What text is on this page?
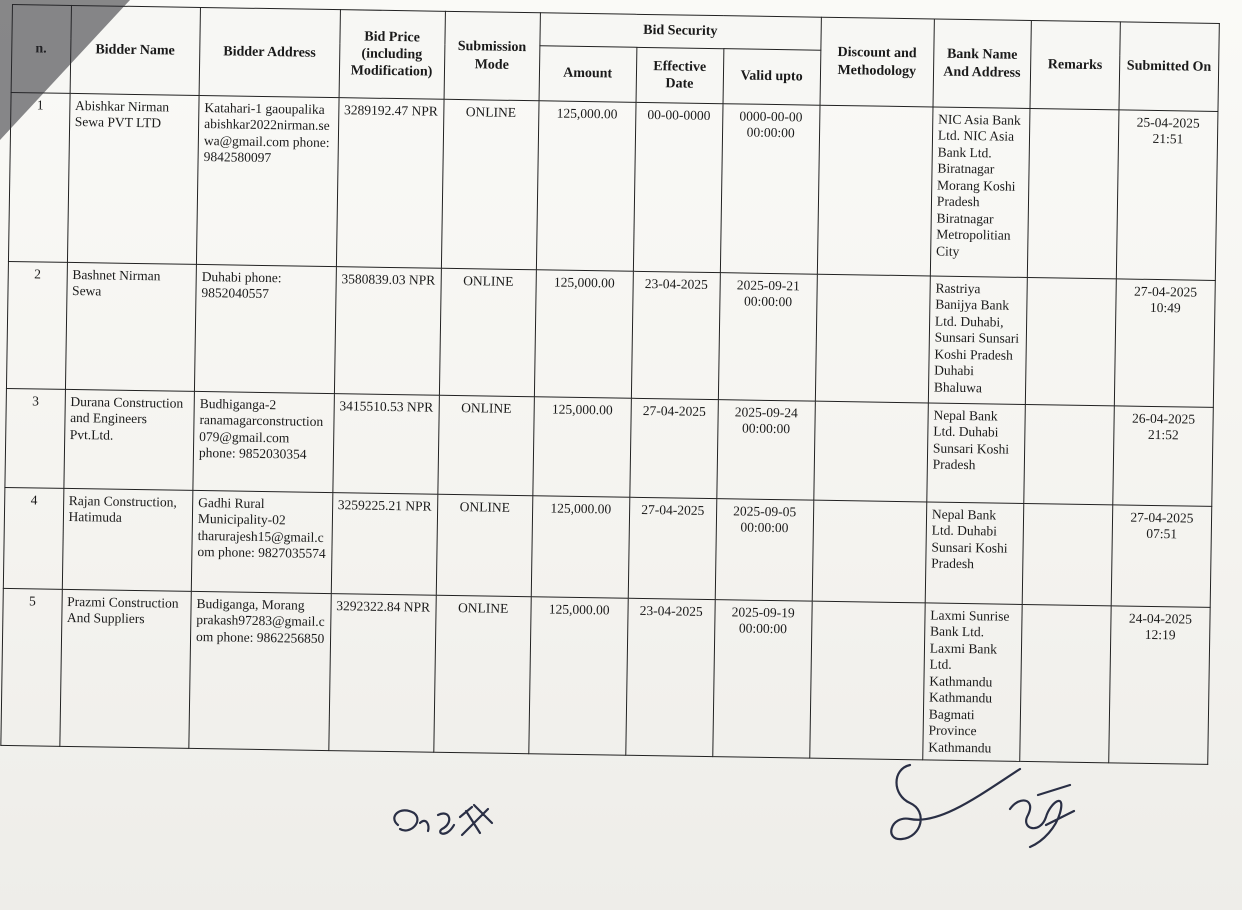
n.	Bidder Name	Bidder Address	Bid Price (including Modification)	Submission Mode	Bid Security			Discount and Methodology	Bank Name And Address	Remarks	Submitted On
					Amount	Effective Date	Valid upto				
1	Abishkar Nirman Sewa PVT LTD	Katahari-1 gaoupalika abishkar2022nirman.sewa@gmail.com phone: 9842580097	3289192.47 NPR	ONLINE	125,000.00	00-00-0000	0000-00-00 00:00:00		NIC Asia Bank Ltd. NIC Asia Bank Ltd. Biratnagar Morang Koshi Pradesh Biratnagar Metropolitian City		25-04-2025 21:51
2	Bashnet Nirman Sewa	Duhabi phone: 9852040557	3580839.03 NPR	ONLINE	125,000.00	23-04-2025	2025-09-21 00:00:00		Rastriya Banijya Bank Ltd. Duhabi, Sunsari Sunsari Koshi Pradesh Duhabi Bhaluwa		27-04-2025 10:49
3	Durana Construction and Engineers Pvt.Ltd.	Budhiganga-2 ranamagarconstruction079@gmail.com phone: 9852030354	3415510.53 NPR	ONLINE	125,000.00	27-04-2025	2025-09-24 00:00:00		Nepal Bank Ltd. Duhabi Sunsari Koshi Pradesh		26-04-2025 21:52
4	Rajan Construction, Hatimuda	Gadhi Rural Municipality-02 tharurajesh15@gmail.com phone: 9827035574	3259225.21 NPR	ONLINE	125,000.00	27-04-2025	2025-09-05 00:00:00		Nepal Bank Ltd. Duhabi Sunsari Koshi Pradesh		27-04-2025 07:51
5	Prazmi Construction And Suppliers	Budiganga, Morang prakash97283@gmail.com phone: 9862256850	3292322.84 NPR	ONLINE	125,000.00	23-04-2025	2025-09-19 00:00:00		Laxmi Sunrise Bank Ltd. Laxmi Bank Ltd. Kathmandu Kathmandu Bagmati Province Kathmandu		24-04-2025 12:19
